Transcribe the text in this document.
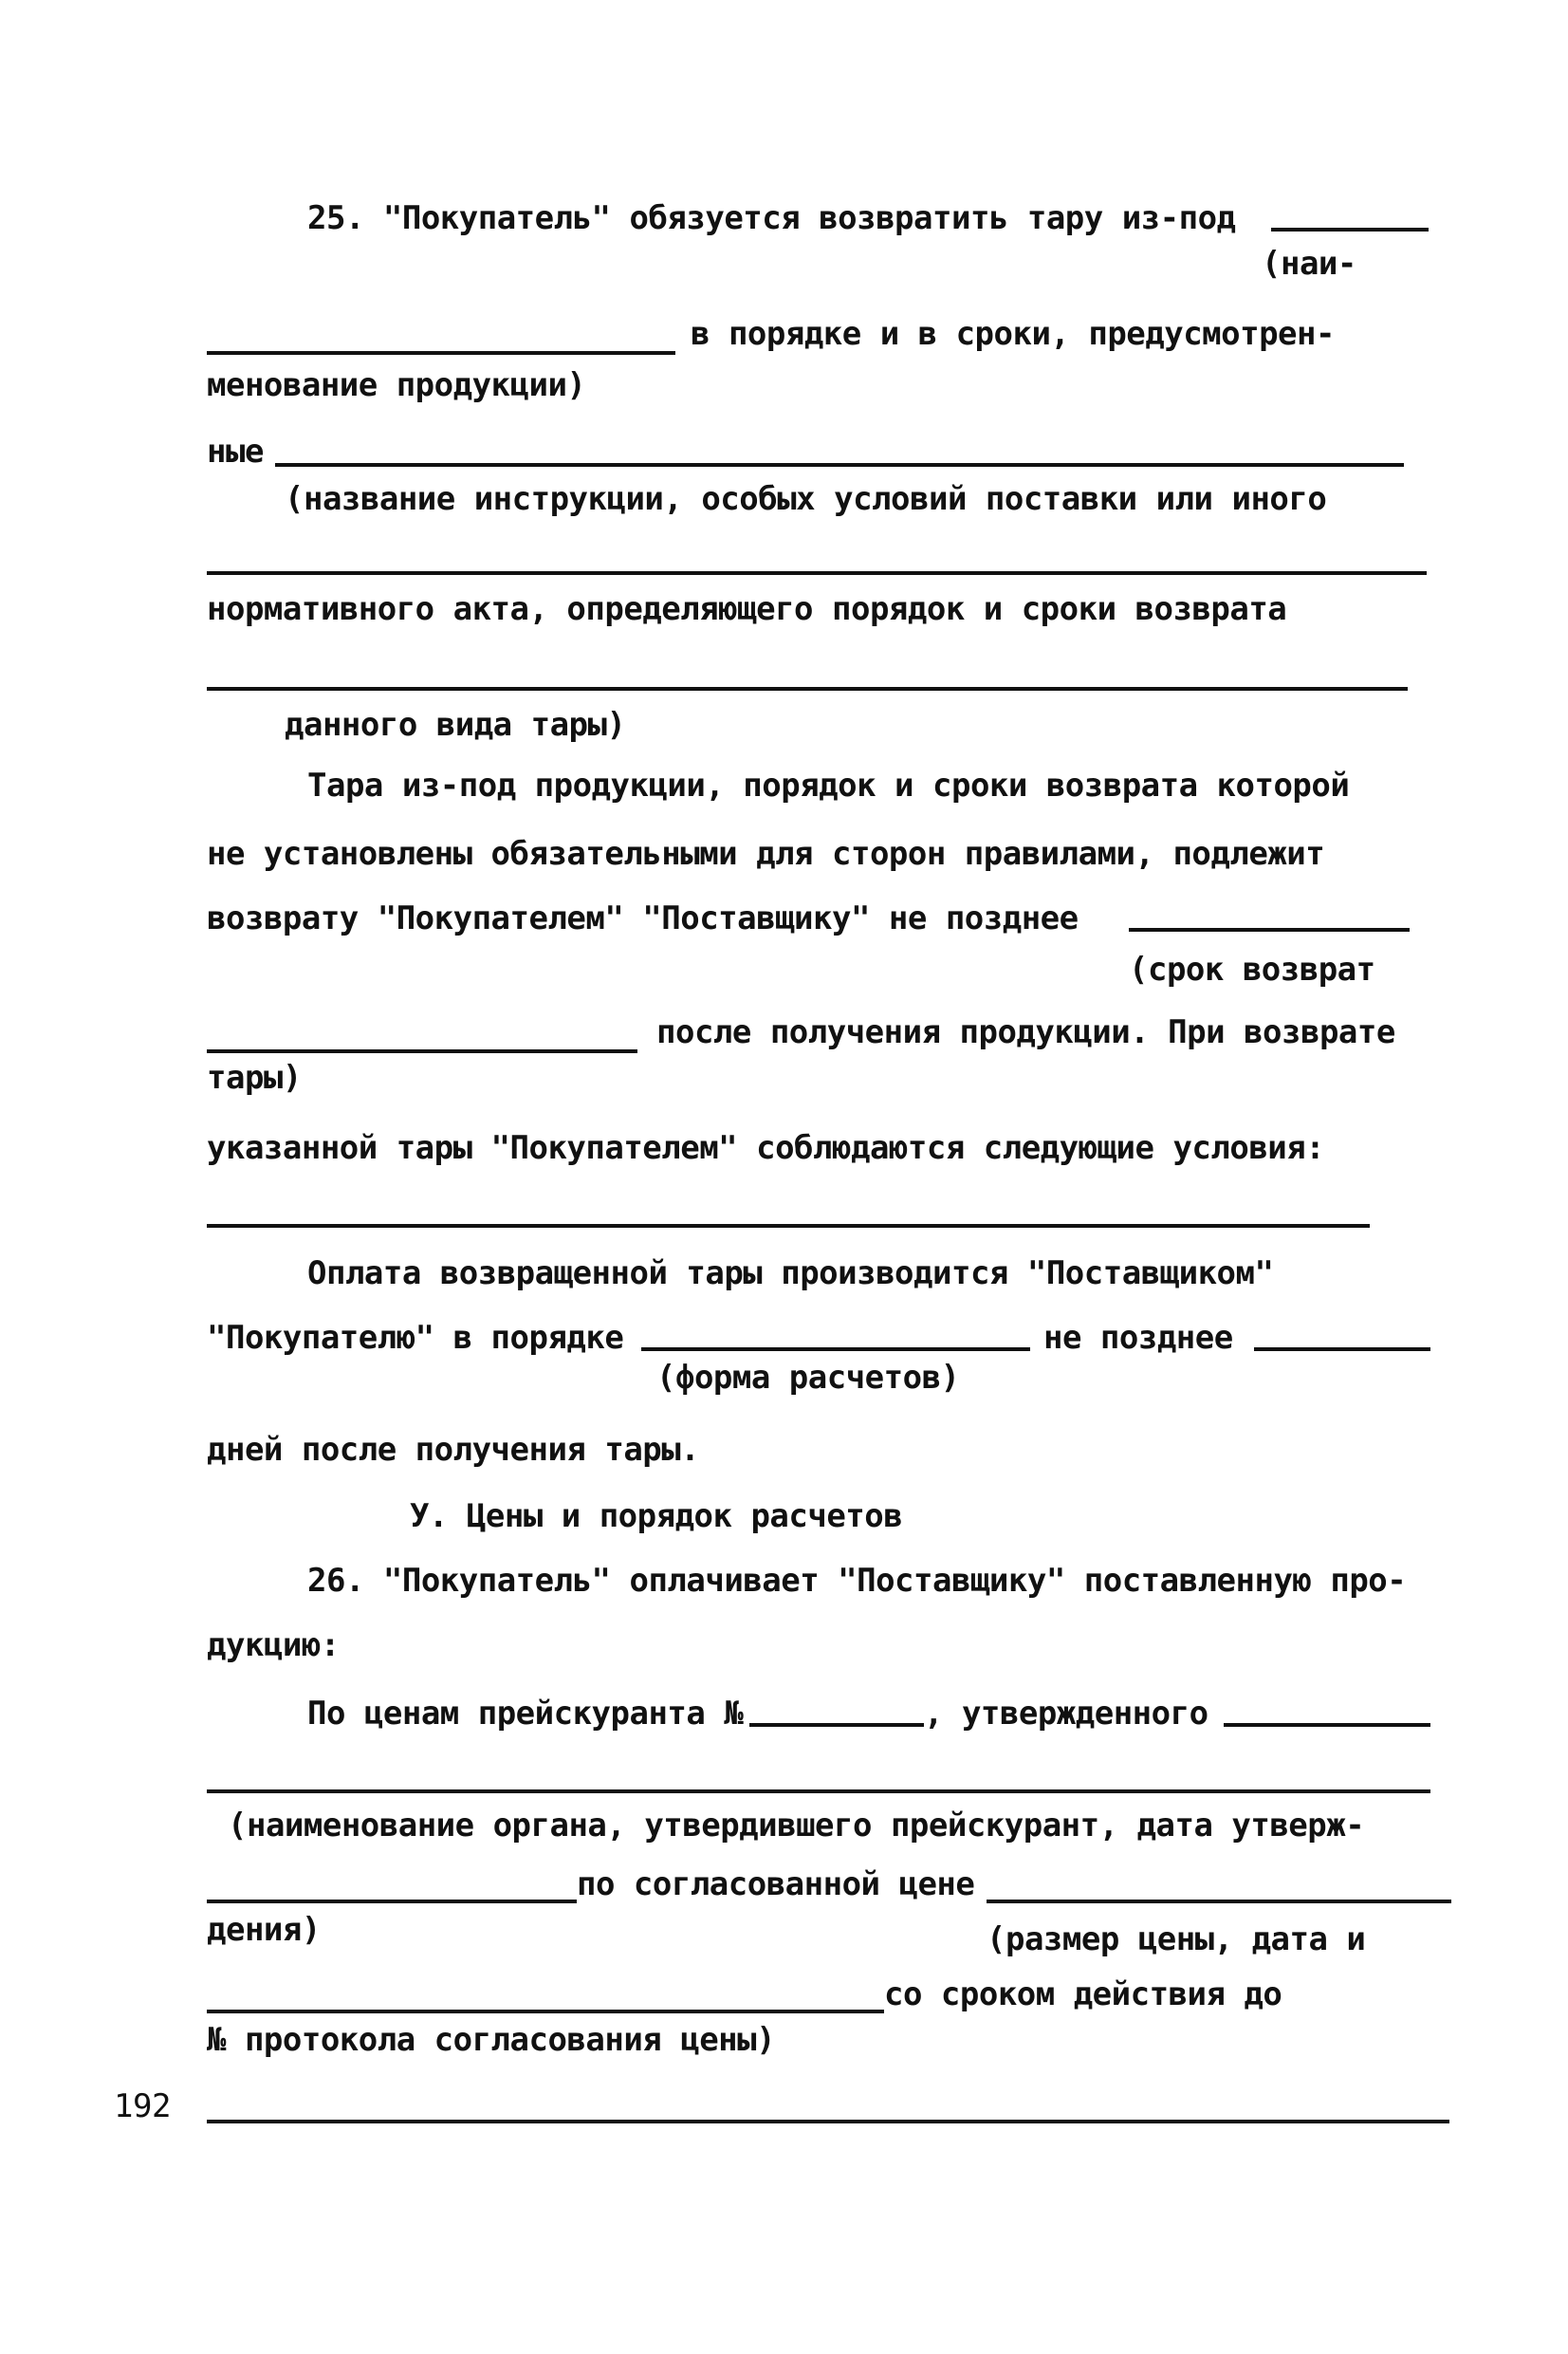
25. "Покупатель" обязуется возвратить тару из-под
(наи-
в порядке и в сроки, предусмотрен-
менование продукции)
ные
(название инструкции, особых условий поставки или иного
нормативного акта, определяющего порядок и сроки возврата
данного вида тары)
Тара из-под продукции, порядок и сроки возврата которой
не установлены обязательными для сторон правилами, подлежит
возврату "Покупателем" "Поставщику" не позднее
(срок возврат
после получения продукции. При возврате
тары)
указанной тары "Покупателем" соблюдаются следующие условия:
Оплата возвращенной тары производится "Поставщиком"
"Покупателю" в порядке	не позднее
(форма расчетов)
дней после получения тары.
У. Цены и порядок расчетов
26. "Покупатель" оплачивает "Поставщику" поставленную про-
дукцию:
По ценам прейскуранта №	, утвержденного
(наименование органа, утвердившего прейскурант, дата утверж-
по согласованной цене
дения)	(размер цены, дата и
со сроком действия до
№ протокола согласования цены)
192
